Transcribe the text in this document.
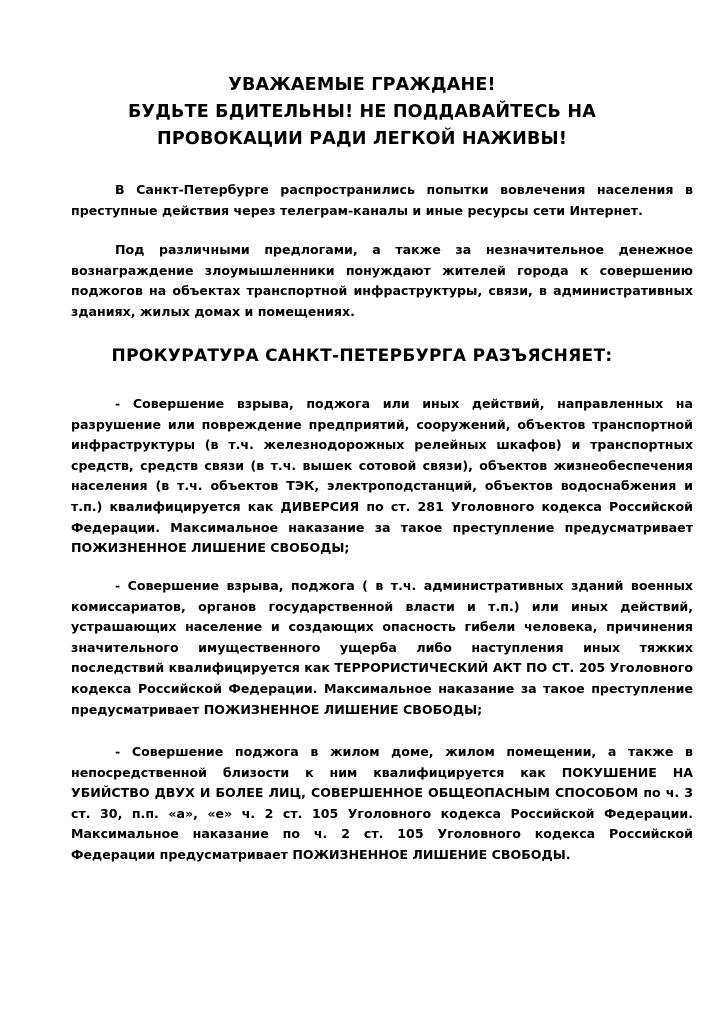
УВАЖАЕМЫЕ ГРАЖДАНЕ!
БУДЬТЕ БДИТЕЛЬНЫ! НЕ ПОДДАВАЙТЕСЬ НА
ПРОВОКАЦИИ РАДИ ЛЕГКОЙ НАЖИВЫ!
В Санкт-Петербурге распространились попытки вовлечения населения в преступные действия через телеграм-каналы и иные ресурсы сети Интернет.
Под различными предлогами, а также за незначительное денежное вознаграждение злоумышленники понуждают жителей города к совершению поджогов на объектах транспортной инфраструктуры, связи, в административных зданиях, жилых домах и помещениях.
ПРОКУРАТУРА САНКТ-ПЕТЕРБУРГА РАЗЪЯСНЯЕТ:
- Совершение взрыва, поджога или иных действий, направленных на разрушение или повреждение предприятий, сооружений, объектов транспортной инфраструктуры (в т.ч. железнодорожных релейных шкафов) и транспортных средств, средств связи (в т.ч. вышек сотовой связи), объектов жизнеобеспечения населения (в т.ч. объектов ТЭК, электроподстанций, объектов водоснабжения и т.п.) квалифицируется как ДИВЕРСИЯ по ст. 281 Уголовного кодекса Российской Федерации. Максимальное наказание за такое преступление предусматривает ПОЖИЗНЕННОЕ ЛИШЕНИЕ СВОБОДЫ;
- Совершение взрыва, поджога ( в т.ч. административных зданий военных комиссариатов, органов государственной власти и т.п.) или иных действий, устрашающих население и создающих опасность гибели человека, причинения значительного имущественного ущерба либо наступления иных тяжких последствий квалифицируется как ТЕРРОРИСТИЧЕСКИЙ АКТ ПО СТ. 205 Уголовного кодекса Российской Федерации. Максимальное наказание за такое преступление предусматривает ПОЖИЗНЕННОЕ ЛИШЕНИЕ СВОБОДЫ;
- Совершение поджога в жилом доме, жилом помещении, а также в непосредственной близости к ним квалифицируется как ПОКУШЕНИЕ НА УБИЙСТВО ДВУХ И БОЛЕЕ ЛИЦ, СОВЕРШЕННОЕ ОБЩЕОПАСНЫМ СПОСОБОМ по ч. 3 ст. 30, п.п. «а», «е» ч. 2 ст. 105 Уголовного кодекса Российской Федерации. Максимальное наказание по ч. 2 ст. 105 Уголовного кодекса Российской Федерации предусматривает ПОЖИЗНЕННОЕ ЛИШЕНИЕ СВОБОДЫ.
